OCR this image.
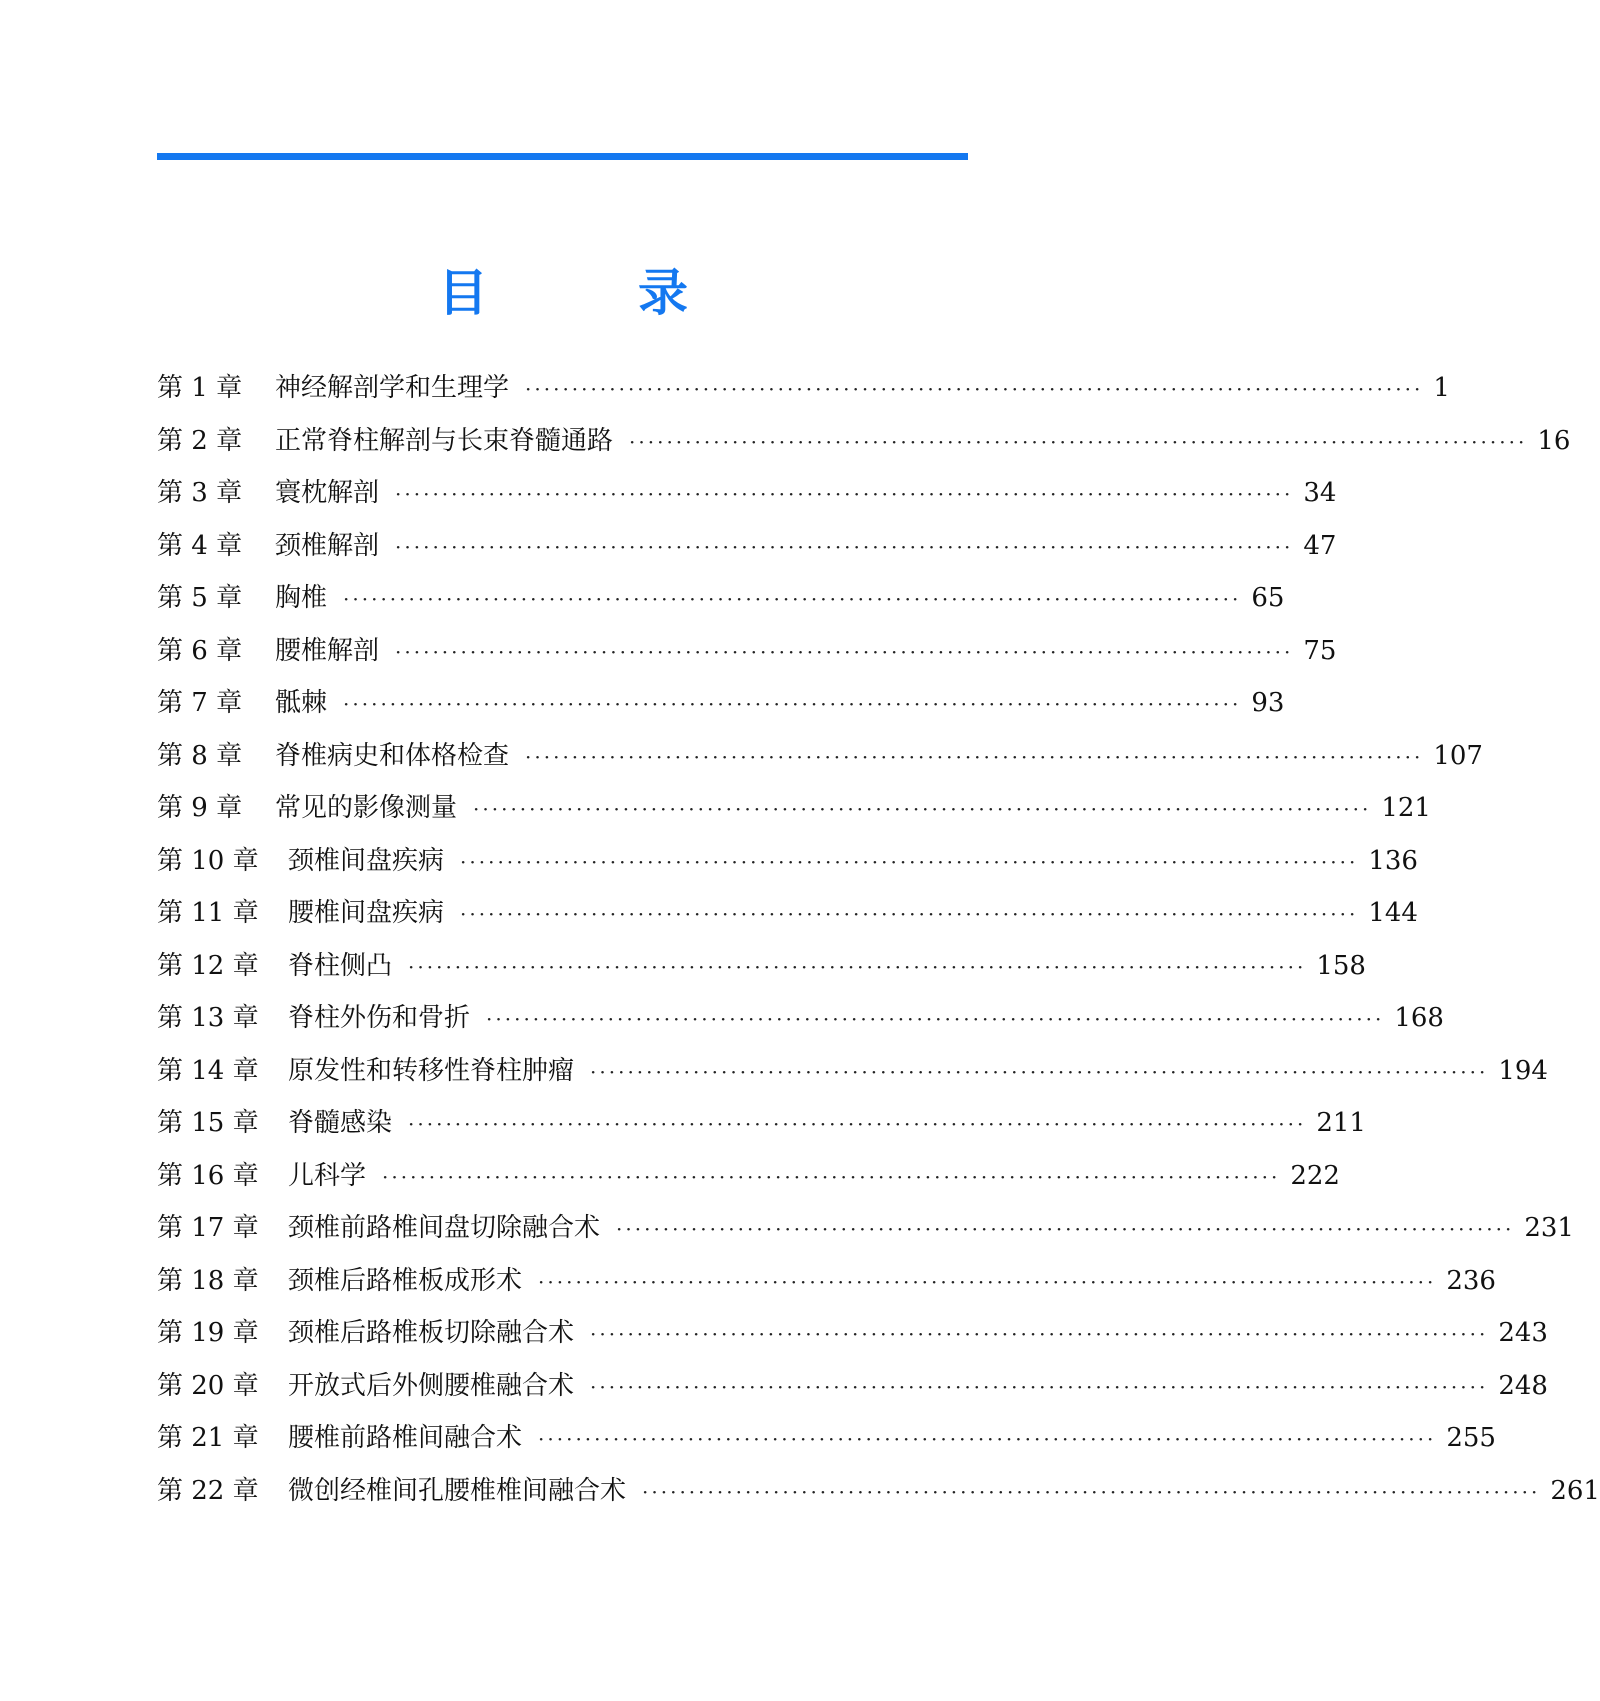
目　录
第 1 章	神经解剖学和生理学 ································································································ 1
第 2 章	正常脊柱解剖与长束脊髓通路 ································································································ 16
第 3 章	寰枕解剖 ································································································ 34
第 4 章	颈椎解剖 ································································································ 47
第 5 章	胸椎 ································································································ 65
第 6 章	腰椎解剖 ································································································ 75
第 7 章	骶棘 ································································································ 93
第 8 章	脊椎病史和体格检查 ································································································ 107
第 9 章	常见的影像测量 ································································································ 121
第 10 章	颈椎间盘疾病 ································································································ 136
第 11 章	腰椎间盘疾病 ································································································ 144
第 12 章	脊柱侧凸 ································································································ 158
第 13 章	脊柱外伤和骨折 ································································································ 168
第 14 章	原发性和转移性脊柱肿瘤 ································································································ 194
第 15 章	脊髓感染 ································································································ 211
第 16 章	儿科学 ································································································ 222
第 17 章	颈椎前路椎间盘切除融合术 ································································································ 231
第 18 章	颈椎后路椎板成形术 ································································································ 236
第 19 章	颈椎后路椎板切除融合术 ································································································ 243
第 20 章	开放式后外侧腰椎融合术 ································································································ 248
第 21 章	腰椎前路椎间融合术 ································································································ 255
第 22 章	微创经椎间孔腰椎椎间融合术 ································································································ 261
